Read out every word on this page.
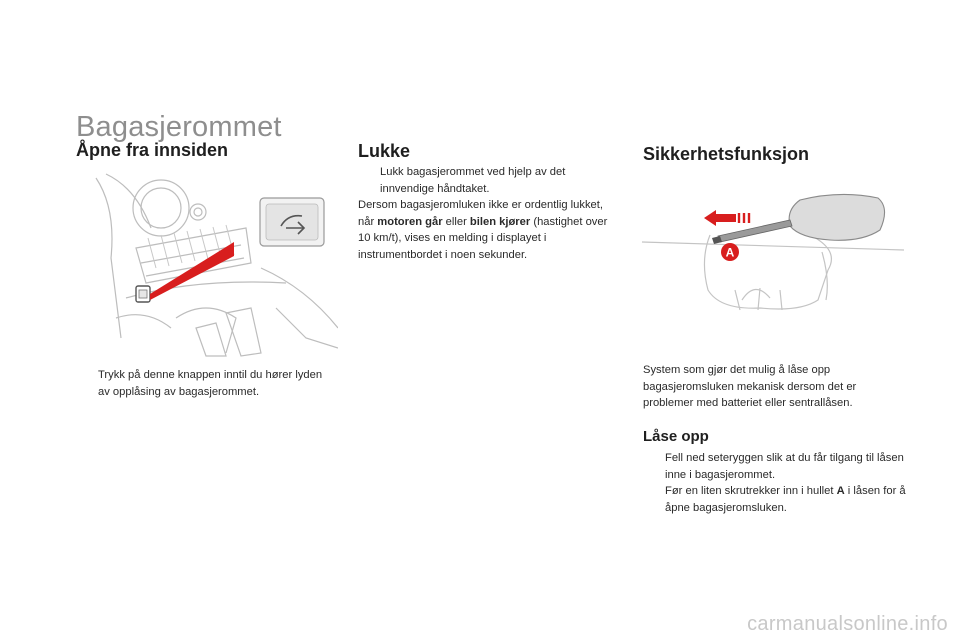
Bagasjerommet
Åpne fra innsiden
Trykk på denne knappen inntil du hører lyden av opplåsing av bagasjerommet.
Lukke
Lukk bagasjerommet ved hjelp av det innvendige håndtaket.
Dersom bagasjeromluken ikke er ordentlig lukket, når motoren går eller bilen kjører (hastighet over 10 km/t), vises en melding i displayet i instrumentbordet i noen sekunder.
Sikkerhetsfunksjon
A
System som gjør det mulig å låse opp bagasjeromsluken mekanisk dersom det er problemer med batteriet eller sentrallåsen.
Låse opp
Fell ned seteryggen slik at du får tilgang til låsen inne i bagasjerommet.
Før en liten skrutrekker inn i hullet A i låsen for å åpne bagasjeromsluken.
carmanualsonline.info
